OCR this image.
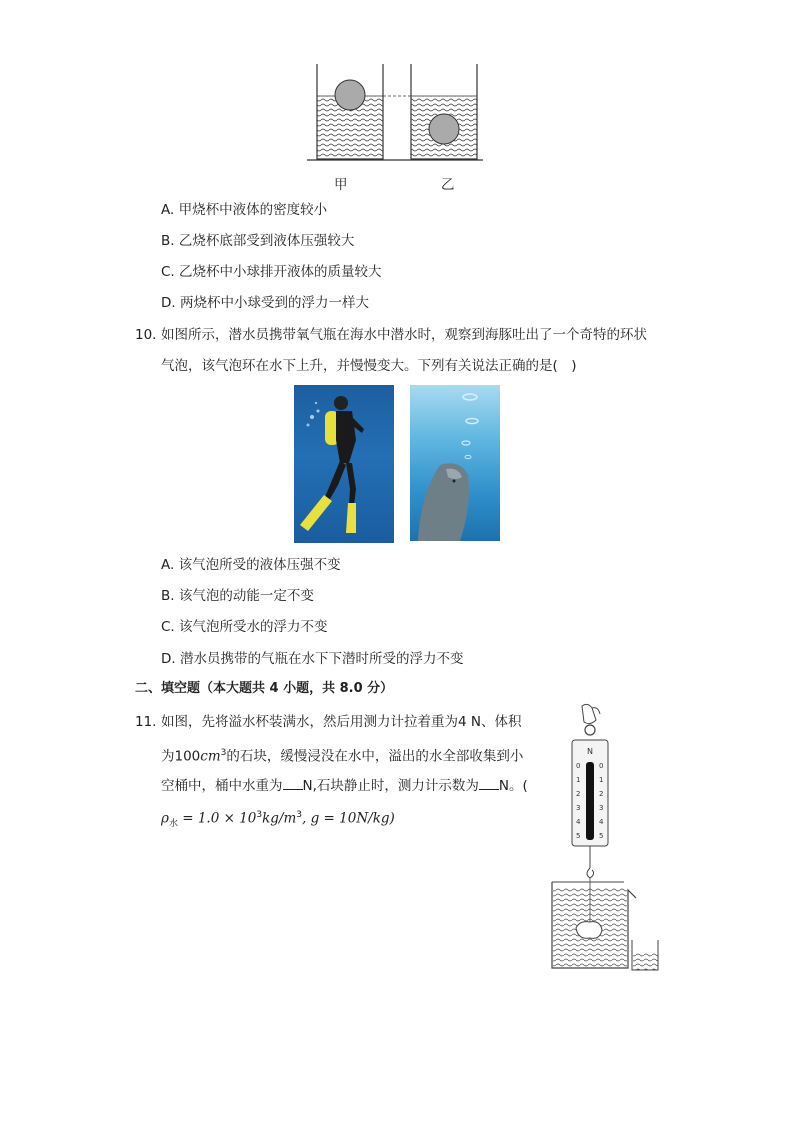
甲	乙
A. 甲烧杯中液体的密度较小
B. 乙烧杯底部受到液体压强较大
C. 乙烧杯中小球排开液体的质量较大
D. 两烧杯中小球受到的浮力一样大
10. 如图所示，潜水员携带氧气瓶在海水中潜水时，观察到海豚吐出了一个奇特的环状
气泡，该气泡环在水下上升，并慢慢变大。下列有关说法正确的是(　)
A. 该气泡所受的液体压强不变
B. 该气泡的动能一定不变
C. 该气泡所受水的浮力不变
D. 潜水员携带的气瓶在水下下潜时所受的浮力不变
二、填空题（本大题共 4 小题，共 8.0 分）
11. 如图，先将溢水杯装满水，然后用测力计拉着重为4 N、体积
为$100cm^3$的石块，缓慢浸没在水中，溢出的水全部收集到小
空桶中，桶中水重为 N,石块静止时，测力计示数为 N。(
$\rho_水 = 1.0 \times 10^3kg/m^3$, g = 10N/kg)
N
0
1
2
3
4
5
0
1
2
3
4
5
